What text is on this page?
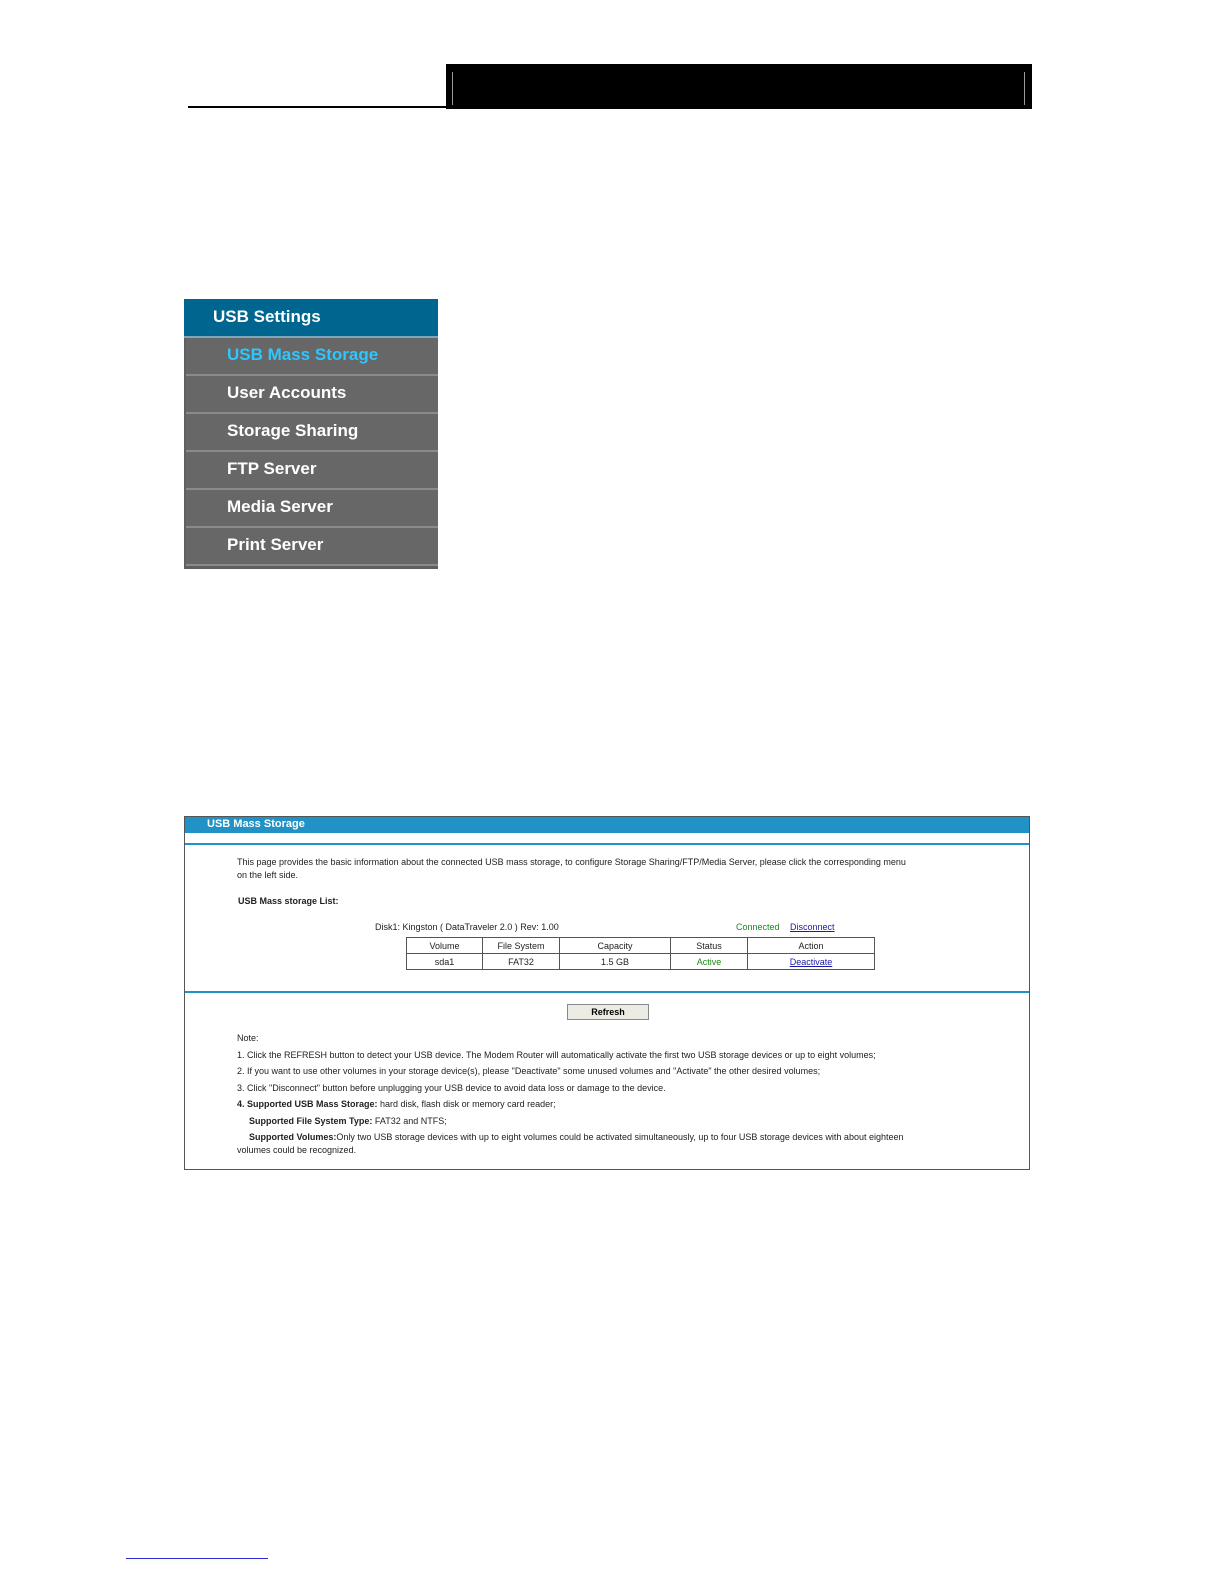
USB Settings
USB Mass Storage
User Accounts
Storage Sharing
FTP Server
Media Server
Print Server
USB Mass Storage
This page provides the basic information about the connected USB mass storage, to configure Storage Sharing/FTP/Media Server, please click the corresponding menu
on the left side.
USB Mass storage List:
Disk1: Kingston ( DataTraveler 2.0 ) Rev: 1.00	Connected Disconnect
Volume	File System	Capacity	Status	Action
sda1	FAT32	1.5 GB	Active	Deactivate
Refresh
Note:
1. Click the REFRESH button to detect your USB device. The Modem Router will automatically activate the first two USB storage devices or up to eight volumes;
2. If you want to use other volumes in your storage device(s), please "Deactivate" some unused volumes and "Activate" the other desired volumes;
3. Click "Disconnect" button before unplugging your USB device to avoid data loss or damage to the device.
4. Supported USB Mass Storage: hard disk, flash disk or memory card reader;
Supported File System Type: FAT32 and NTFS;
Supported Volumes:Only two USB storage devices with up to eight volumes could be activated simultaneously, up to four USB storage devices with about eighteen
volumes could be recognized.
